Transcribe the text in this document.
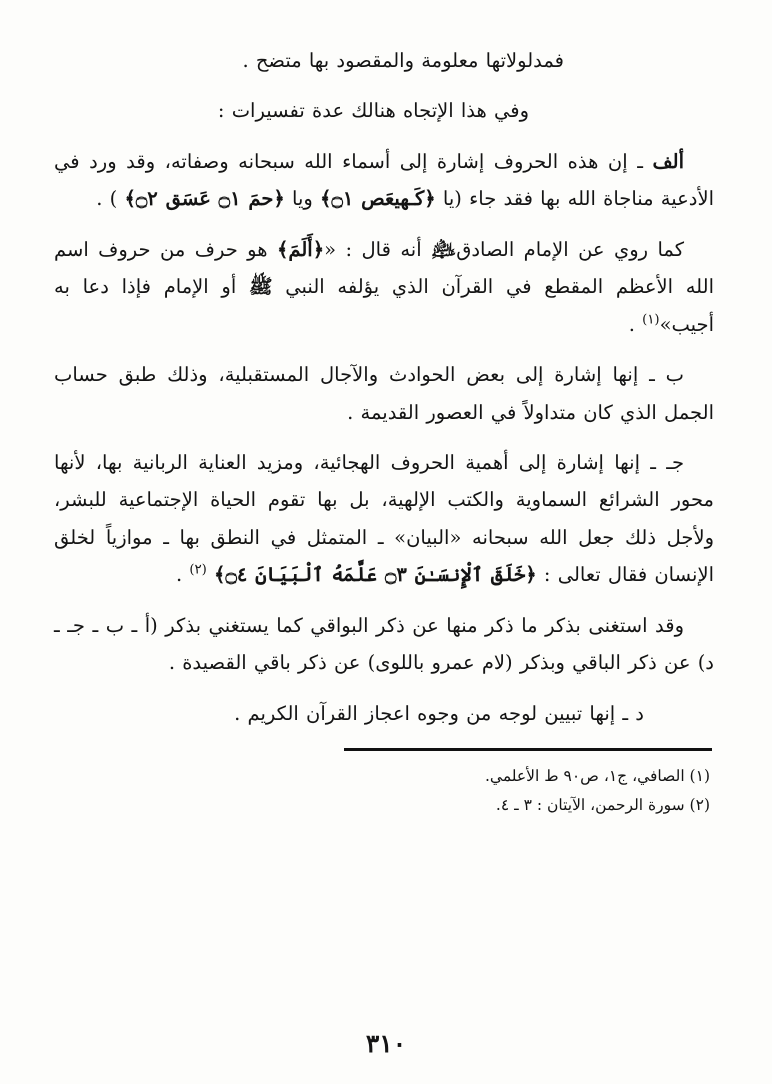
فمدلولاتها معلومة والمقصود بها متضح .
وفي هذا الإتجاه هنالك عدة تفسيرات :
ألف ـ إن هذه الحروف إشارة إلى أسماء الله سبحانه وصفاته، وقد ورد في الأدعية مناجاة الله بها فقد جاء (يا ﴿كَـهيعَص ۝١﴾ ويا ﴿حمَ ۝١ عَسَق ۝٢﴾ ) .
كما روي عن الإمام الصادق﵇ أنه قال : «﴿أَلَمَ﴾ هو حرف من حروف اسم الله الأعظم المقطع في القرآن الذي يؤلفه النبي ﷺ أو الإمام فإذا دعا به أجيب»$^{(١)}$ .
ب ـ إنها إشارة إلى بعض الحوادث والآجال المستقبلية، وذلك طبق حساب الجمل الذي كان متداولاً في العصور القديمة .
جـ ـ إنها إشارة إلى أهمية الحروف الهجائية، ومزيد العناية الربانية بها، لأنها محور الشرائع السماوية والكتب الإلهية، بل بها تقوم الحياة الإجتماعية للبشر، ولأجل ذلك جعل الله سبحانه «البيان» ـ المتمثل في النطق بها ـ موازياً لخلق الإنسان فقال تعالى : ﴿خَلَقَ ٱلْإِنسَـٰنَ ۝٣ عَلَّمَهُ ٱلْبَيَانَ ۝٤﴾ $^{(٢)}$ .
وقد استغنى بذكر ما ذكر منها عن ذكر البواقي كما يستغني بذكر (أ ـ ب ـ جـ ـ د) عن ذكر الباقي وبذكر (لام عمرو باللوى) عن ذكر باقي القصيدة .
د ـ إنها تبيين لوجه من وجوه اعجاز القرآن الكريم .
(١) الصافي، ج١، ص٩٠ ط الأعلمي.
(٢) سورة الرحمن، الآيتان : ٣ ـ ٤.
٣١٠
